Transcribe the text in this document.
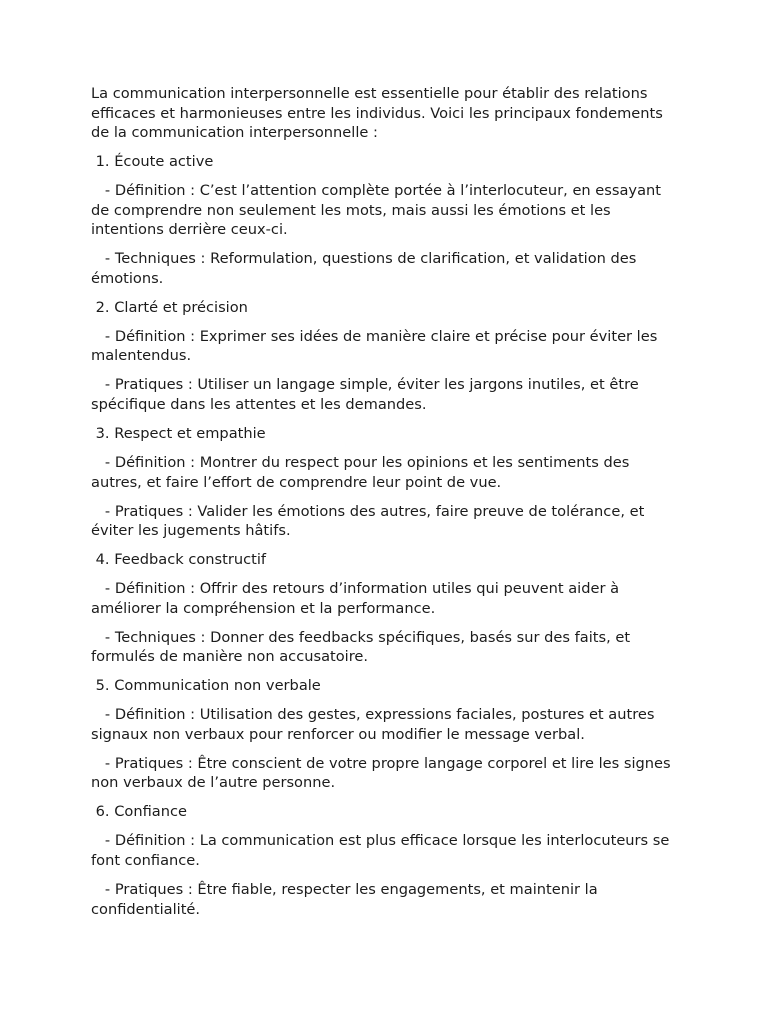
La communication interpersonnelle est essentielle pour établir des relations efficaces et harmonieuses entre les individus. Voici les principaux fondements de la communication interpersonnelle :

1. Écoute active

- Définition : C’est l’attention complète portée à l’interlocuteur, en essayant de comprendre non seulement les mots, mais aussi les émotions et les intentions derrière ceux-ci.

- Techniques : Reformulation, questions de clarification, et validation des émotions.

2. Clarté et précision

- Définition : Exprimer ses idées de manière claire et précise pour éviter les malentendus.

- Pratiques : Utiliser un langage simple, éviter les jargons inutiles, et être spécifique dans les attentes et les demandes.

3. Respect et empathie

- Définition : Montrer du respect pour les opinions et les sentiments des autres, et faire l’effort de comprendre leur point de vue.

- Pratiques : Valider les émotions des autres, faire preuve de tolérance, et éviter les jugements hâtifs.

4. Feedback constructif

- Définition : Offrir des retours d’information utiles qui peuvent aider à améliorer la compréhension et la performance.

- Techniques : Donner des feedbacks spécifiques, basés sur des faits, et formulés de manière non accusatoire.

5. Communication non verbale

- Définition : Utilisation des gestes, expressions faciales, postures et autres signaux non verbaux pour renforcer ou modifier le message verbal.

- Pratiques : Être conscient de votre propre langage corporel et lire les signes non verbaux de l’autre personne.

6. Confiance

- Définition : La communication est plus efficace lorsque les interlocuteurs se font confiance.

- Pratiques : Être fiable, respecter les engagements, et maintenir la confidentialité.
